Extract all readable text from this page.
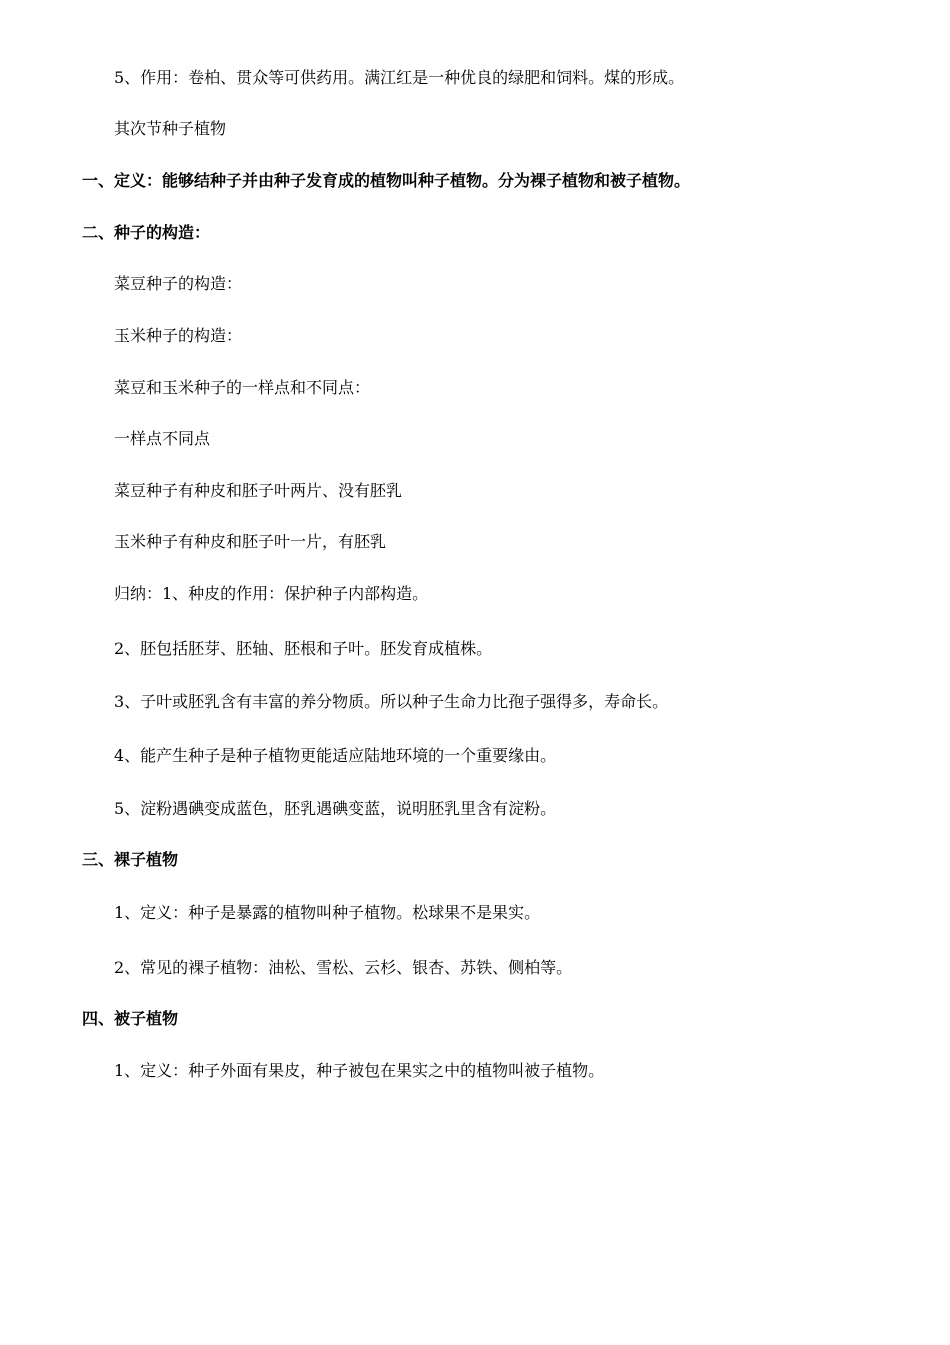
5、作用：卷柏、贯众等可供药用。满江红是一种优良的绿肥和饲料。煤的形成。
其次节种子植物
一、定义：能够结种子并由种子发育成的植物叫种子植物。分为裸子植物和被子植物。
二、种子的构造：
菜豆种子的构造：
玉米种子的构造：
菜豆和玉米种子的一样点和不同点：
一样点不同点
菜豆种子有种皮和胚子叶两片、没有胚乳
玉米种子有种皮和胚子叶一片，有胚乳
归纳：1、种皮的作用：保护种子内部构造。
2、胚包括胚芽、胚轴、胚根和子叶。胚发育成植株。
3、子叶或胚乳含有丰富的养分物质。所以种子生命力比孢子强得多，寿命长。
4、能产生种子是种子植物更能适应陆地环境的一个重要缘由。
5、淀粉遇碘变成蓝色，胚乳遇碘变蓝，说明胚乳里含有淀粉。
三、裸子植物
1、定义：种子是暴露的植物叫种子植物。松球果不是果实。
2、常见的裸子植物：油松、雪松、云杉、银杏、苏铁、侧柏等。
四、被子植物
1、定义：种子外面有果皮，种子被包在果实之中的植物叫被子植物。
